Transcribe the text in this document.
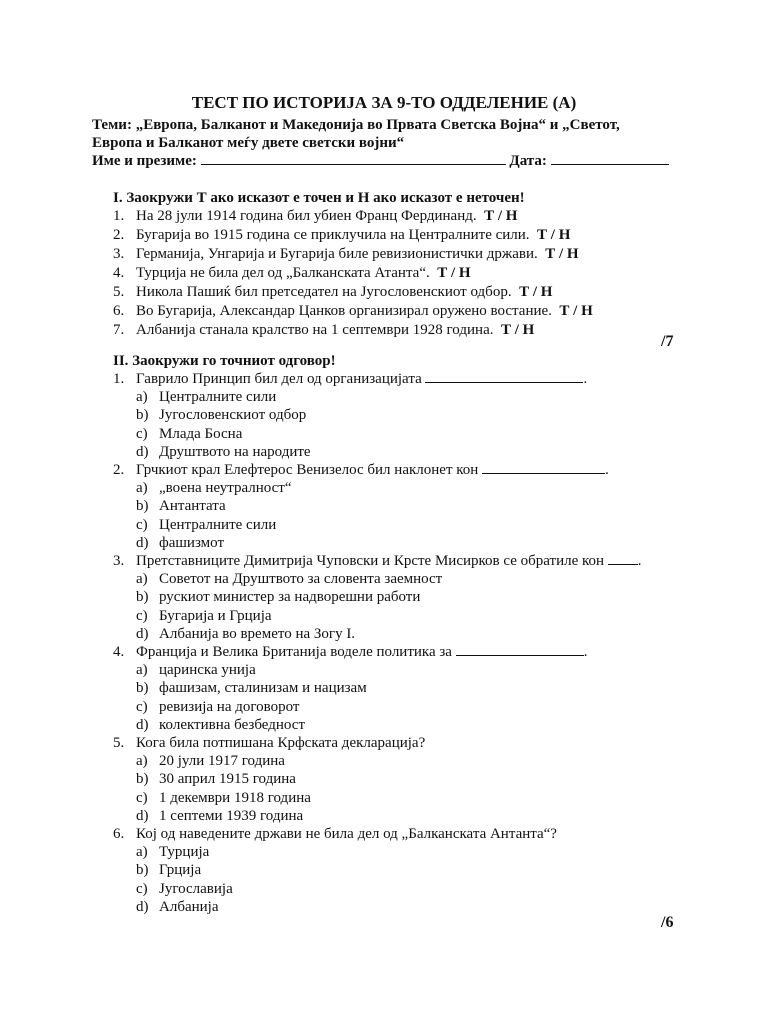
ТЕСТ ПО ИСТОРИЈА ЗА 9-ТО ОДДЕЛЕНИЕ (А)
Теми: „Европа, Балканот и Македонија во Првата Светска Војна“ и „Светот,
Европа и Балканот меѓу двете светски војни“
Име и презиме:	Дата:
I. Заокружи Т ако исказот е точен и Н ако исказот е неточен!
1. На 28 јули 1914 година бил убиен Франц Фердинанд. Т / Н
2. Бугарија во 1915 година се приклучила на Централните сили. Т / Н
3. Германија, Унгарија и Бугарија биле ревизионистички држави. Т / Н
4. Турција не била дел од „Балканската Атанта“. Т / Н
5. Никола Пашиќ бил претседател на Југословенскиот одбор. Т / Н
6. Во Бугарија, Александар Цанков организирал оружено востание. Т / Н
7. Албанија станала кралство на 1 септември 1928 година. Т / Н
/7
II. Заокружи го точниот одговор!
1. Гаврило Принцип бил дел од организацијата	.
a) Централните сили
b) Југословенскиот одбор
c) Млада Босна
d) Друштвото на народите
2. Грчкиот крал Елефтерос Венизелос бил наклонет кон	.
a) „воена неутралност“
b) Антантата
c) Централните сили
d) фашизмот
3. Претставниците Димитрија Чуповски и Крсте Мисирков се обратиле кон .
a) Советот на Друштвото за словента заемност
b) рускиот министер за надворешни работи
c) Бугарија и Грција
d) Албанија во времето на Зогу I.
4. Франција и Велика Британија воделе политика за	.
a) царинска унија
b) фашизам, сталинизам и нацизам
c) ревизија на договорот
d) колективна безбедност
5. Кога била потпишана Крфската декларација?
a) 20 јули 1917 година
b) 30 април 1915 година
c) 1 декември 1918 година
d) 1 септеми 1939 година
6. Кој од наведените држави не била дел од „Балканската Антанта“?
a) Турција
b) Грција
c) Југославија
d) Албанија
/6
